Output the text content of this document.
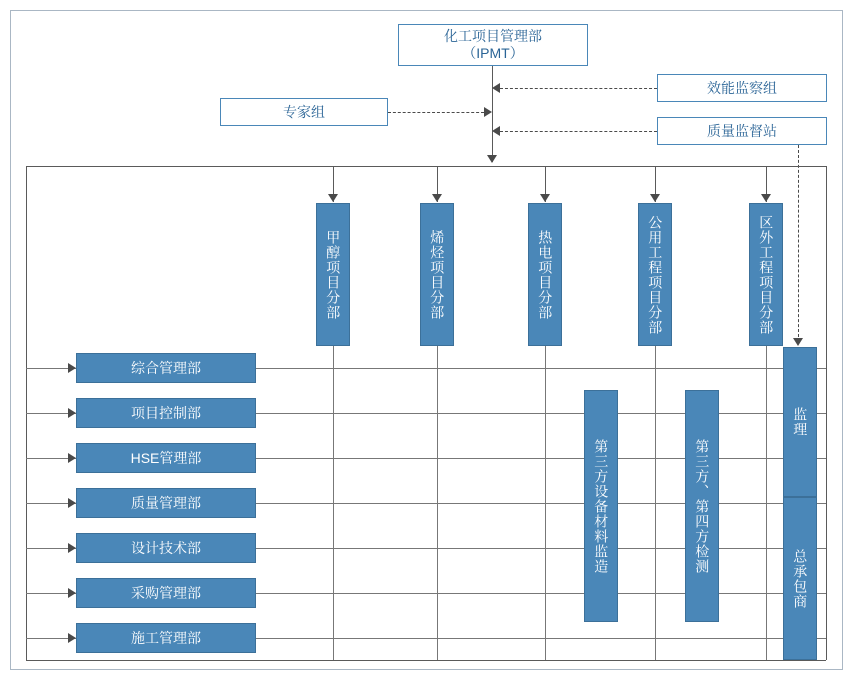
化工项目管理部
（IPMT）
专家组
效能监察组
质量监督站
甲醇项目分部	烯烃项目分部	热电项目分部	公用工程项目分部	区外工程项目分部
综合管理部
项目控制部
HSE管理部
质量管理部
设计技术部
采购管理部
施工管理部
第三方设备材料监造	第三方、第四方检测
监理
总承包商
